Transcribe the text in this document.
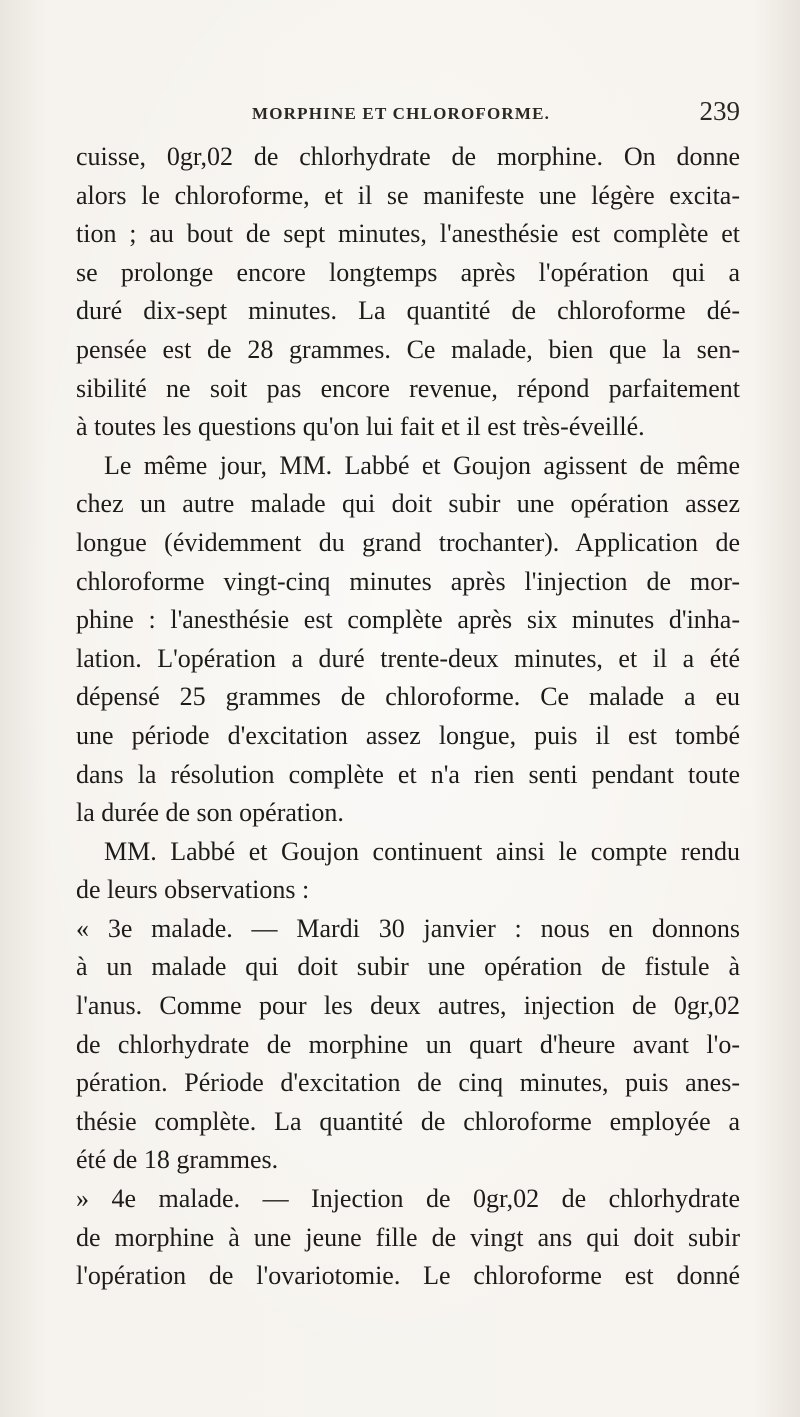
MORPHINE ET CHLOROFORME.	239
cuisse, 0gr,02 de chlorhydrate de morphine. On donne
alors le chloroforme, et il se manifeste une légère excita-
tion ; au bout de sept minutes, l'anesthésie est complète et
se prolonge encore longtemps après l'opération qui a
duré dix-sept minutes. La quantité de chloroforme dé-
pensée est de 28 grammes. Ce malade, bien que la sen-
sibilité ne soit pas encore revenue, répond parfaitement
à toutes les questions qu'on lui fait et il est très-éveillé.
Le même jour, MM. Labbé et Goujon agissent de même
chez un autre malade qui doit subir une opération assez
longue (évidemment du grand trochanter). Application de
chloroforme vingt-cinq minutes après l'injection de mor-
phine : l'anesthésie est complète après six minutes d'inha-
lation. L'opération a duré trente-deux minutes, et il a été
dépensé 25 grammes de chloroforme. Ce malade a eu
une période d'excitation assez longue, puis il est tombé
dans la résolution complète et n'a rien senti pendant toute
la durée de son opération.
MM. Labbé et Goujon continuent ainsi le compte rendu
de leurs observations :
« 3e malade. — Mardi 30 janvier : nous en donnons
à un malade qui doit subir une opération de fistule à
l'anus. Comme pour les deux autres, injection de 0gr,02
de chlorhydrate de morphine un quart d'heure avant l'o-
pération. Période d'excitation de cinq minutes, puis anes-
thésie complète. La quantité de chloroforme employée a
été de 18 grammes.
» 4e malade. — Injection de 0gr,02 de chlorhydrate
de morphine à une jeune fille de vingt ans qui doit subir
l'opération de l'ovariotomie. Le chloroforme est donné
